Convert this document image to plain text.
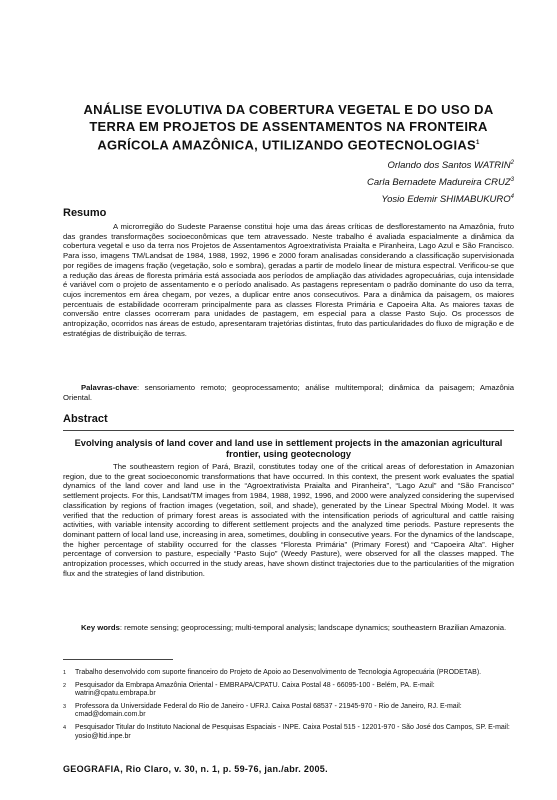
ANÁLISE EVOLUTIVA DA COBERTURA VEGETAL E DO USO DA TERRA EM PROJETOS DE ASSENTAMENTOS NA FRONTEIRA AGRÍCOLA AMAZÔNICA, UTILIZANDO GEOTECNOLOGIAS$^1$
Orlando dos Santos WATRIN$^2$
Carla Bernadete Madureira CRUZ$^3$
Yosio Edemir SHIMABUKURO$^4$
Resumo

A microrregião do Sudeste Paraense constitui hoje uma das áreas críticas de desflorestamento na Amazônia, fruto das grandes transformações socioeconômicas que tem atravessado. Neste trabalho é avaliada espacialmente a dinâmica da cobertura vegetal e uso da terra nos Projetos de Assentamentos Agroextrativista Praialta e Piranheira, Lago Azul e São Francisco. Para isso, imagens TM/Landsat de 1984, 1988, 1992, 1996 e 2000 foram analisadas considerando a classificação supervisionada por regiões de imagens fração (vegetação, solo e sombra), geradas a partir de modelo linear de mistura espectral. Verificou-se que a redução das áreas de floresta primária está associada aos períodos de ampliação das atividades agropecuárias, cuja intensidade é variável com o projeto de assentamento e o período analisado. As pastagens representam o padrão dominante do uso da terra, cujos incrementos em área chegam, por vezes, a duplicar entre anos consecutivos. Para a dinâmica da paisagem, os maiores percentuais de estabilidade ocorreram principalmente para as classes Floresta Primária e Capoeira Alta. As maiores taxas de conversão entre classes ocorreram para unidades de pastagem, em especial para a classe Pasto Sujo. Os processos de antropização, ocorridos nas áreas de estudo, apresentaram trajetórias distintas, fruto das particularidades do fluxo de migração e de estratégias de distribuição de terras.

Palavras-chave: sensoriamento remoto; geoprocessamento; análise multitemporal; dinâmica da paisagem; Amazônia Oriental.

Abstract
Evolving analysis of land cover and land use in settlement projects in the amazonian agricultural frontier, using geotecnology

The southeastern region of Pará, Brazil, constitutes today one of the critical areas of deforestation in Amazonian region, due to the great socioeconomic transformations that have occurred. In this context, the present work evaluates the spatial dynamics of the land cover and land use in the “Agroextrativista Praialta and Piranheira”, “Lago Azul” and “São Francisco” settlement projects. For this, Landsat/TM images from 1984, 1988, 1992, 1996, and 2000 were analyzed considering the supervised classification by regions of fraction images (vegetation, soil, and shade), generated by the Linear Spectral Mixing Model. It was verified that the reduction of primary forest areas is associated with the intensification periods of agricultural and cattle raising activities, with variable intensity according to different settlement projects and the analyzed time periods. Pasture represents the dominant pattern of local land use, increasing in area, sometimes, doubling in consecutive years. For the dynamics of the landscape, the higher percentage of stability occurred for the classes “Floresta Primária” (Primary Forest) and “Capoeira Alta”. Higher percentage of conversion to pasture, especially “Pasto Sujo” (Weedy Pasture), were observed for all the classes mapped. The antropization processes, which occurred in the study areas, have shown distinct trajectories due to the particularities of the migration flux and the strategies of land distribution.

Key words: remote sensing; geoprocessing; multi-temporal analysis; landscape dynamics; southeastern Brazilian Amazonia.

1	Trabalho desenvolvido com suporte financeiro do Projeto de Apoio ao Desenvolvimento de Tecnologia Agropecuária (PRODETAB).
2	Pesquisador da Embrapa Amazônia Oriental - EMBRAPA/CPATU. Caixa Postal 48 - 66095-100 - Belém, PA. E-mail: watrin@cpatu.embrapa.br
3	Professora da Universidade Federal do Rio de Janeiro - UFRJ. Caixa Postal 68537 - 21945-970 - Rio de Janeiro, RJ. E-mail: cmad@domain.com.br
4	Pesquisador Titular do Instituto Nacional de Pesquisas Espaciais - INPE. Caixa Postal 515 - 12201-970 - São José dos Campos, SP. E-mail: yosio@ltid.inpe.br
GEOGRAFIA, Rio Claro, v. 30, n. 1, p. 59-76, jan./abr. 2005.
